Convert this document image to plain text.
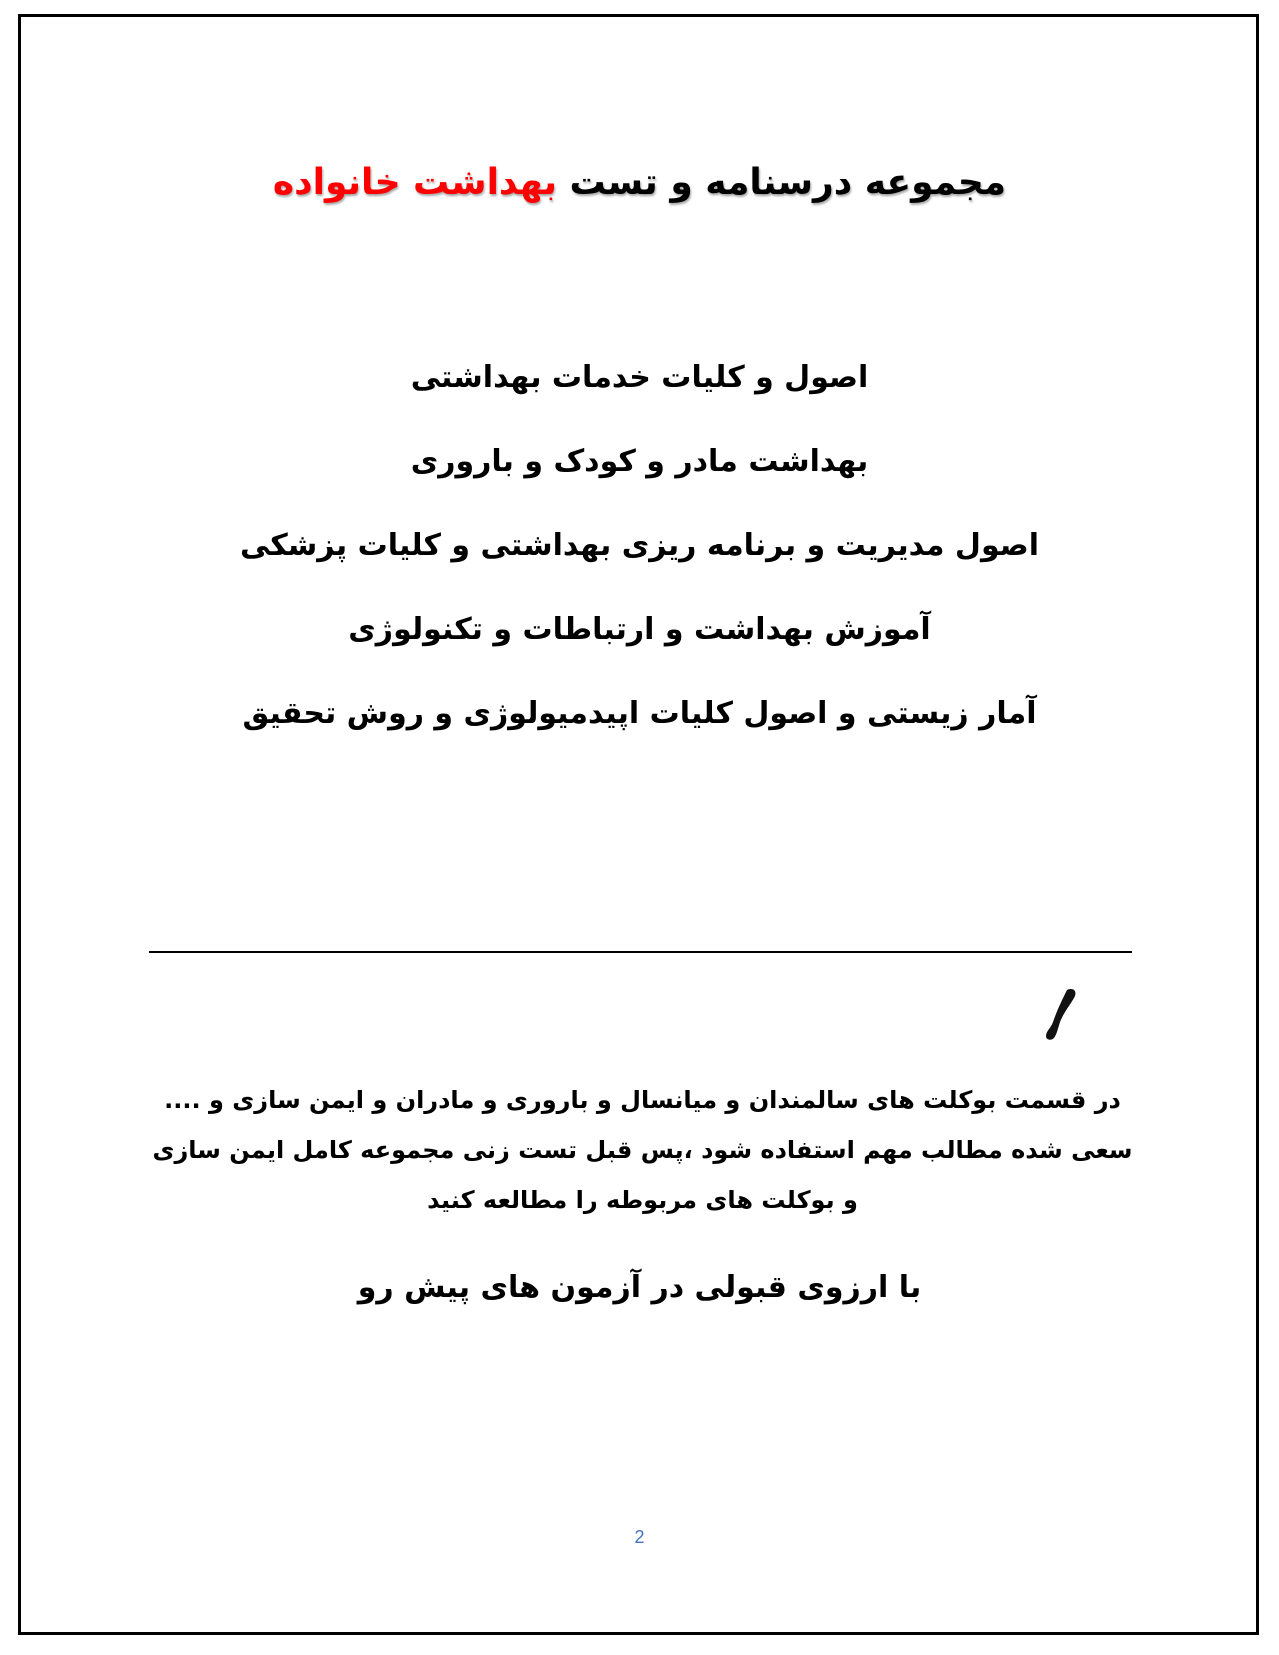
مجموعه درسنامه و تست بهداشت خانواده
اصول و کلیات خدمات بهداشتی
بهداشت مادر و کودک و باروری
اصول مدیریت و برنامه ریزی بهداشتی و کلیات پزشکی
آموزش بهداشت و ارتباطات و تکنولوژی
آمار زیستی و اصول کلیات اپیدمیولوژی و روش تحقیق
در قسمت بوکلت های سالمندان و میانسال و باروری و مادران و ایمن سازی و .... سعی شده مطالب مهم استفاده شود ،پس قبل تست زنی مجموعه کامل ایمن سازی و بوکلت های مربوطه را مطالعه کنید
با ارزوی قبولی در آزمون های پیش رو
2
